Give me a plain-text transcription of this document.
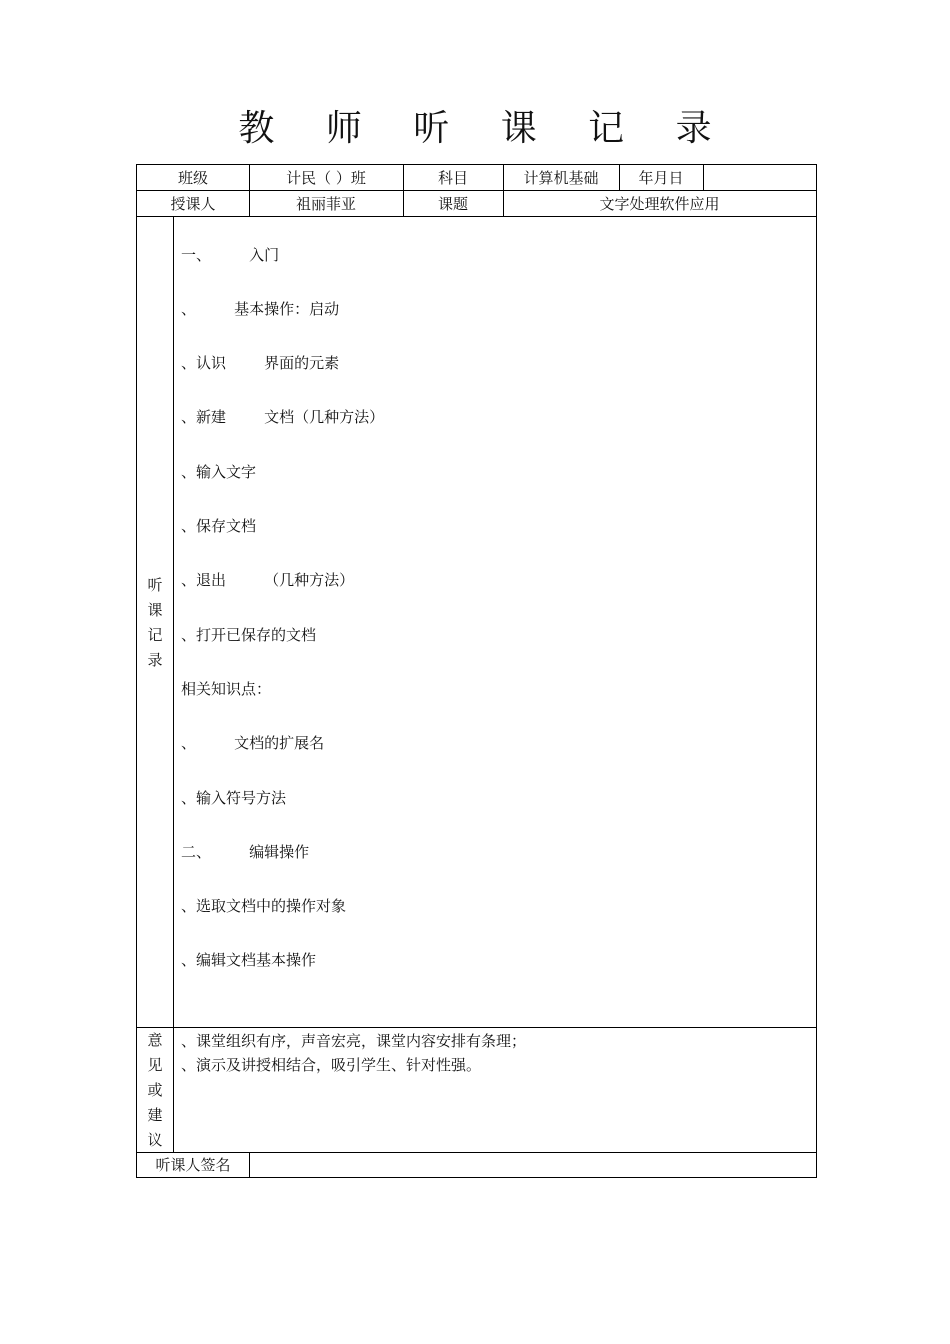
教 师 听 课 记 录
班级	计民（ ）班	科目	计算机基础	年月日
授课人	祖丽菲亚	课题	文字处理软件应用
听
课
记
录
一、        入门
、        基本操作：启动
、认识        界面的元素
、新建        文档（几种方法）
、输入文字
、保存文档
、退出        （几种方法）
、打开已保存的文档
相关知识点：
、        文档的扩展名
、输入符号方法
二、        编辑操作
、选取文档中的操作对象
、编辑文档基本操作
意
见
或
建
议
、课堂组织有序，声音宏亮，课堂内容安排有条理；
、演示及讲授相结合，吸引学生、针对性强。
听课人签名
